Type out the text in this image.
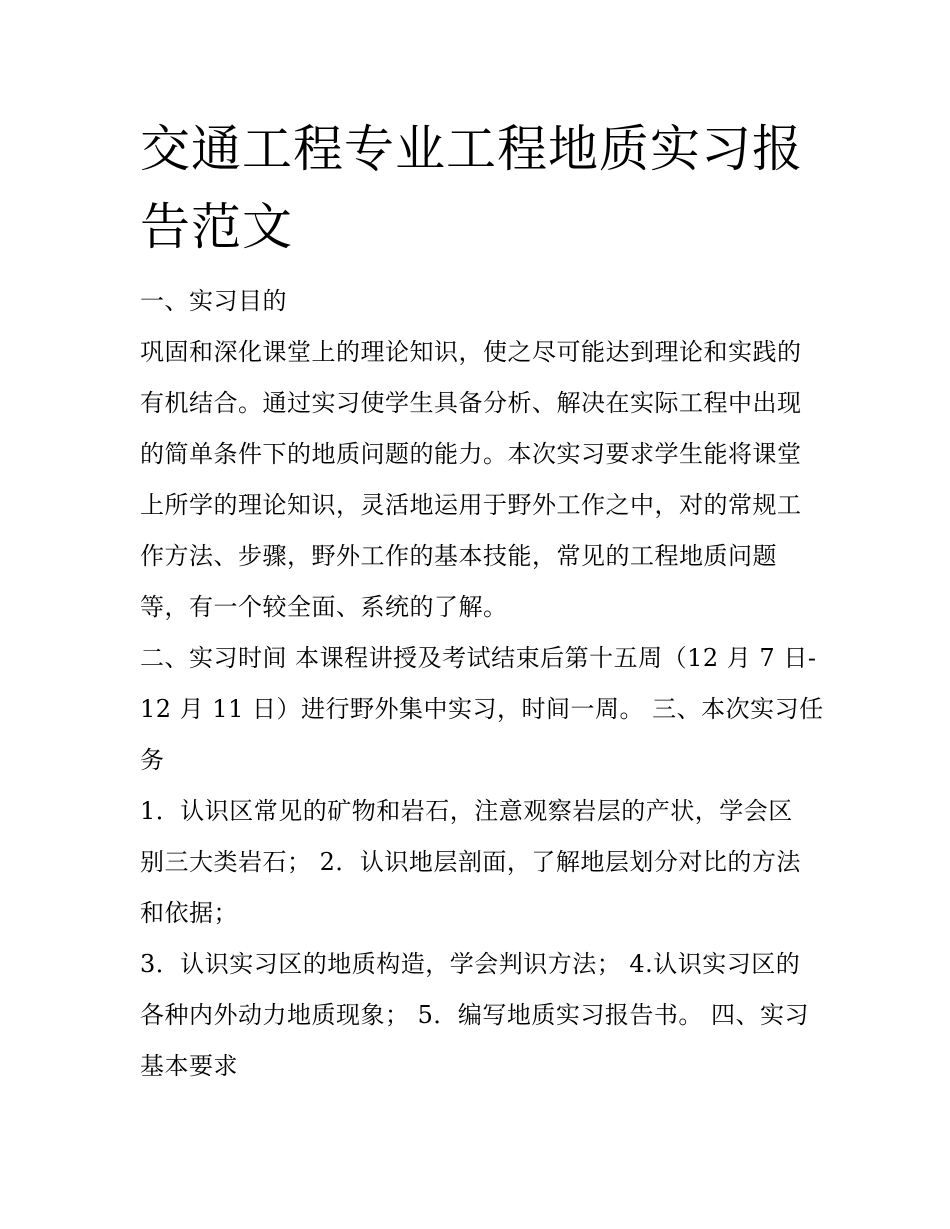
交通工程专业工程地质实习报
告范文
一、实习目的
巩固和深化课堂上的理论知识，使之尽可能达到理论和实践的
有机结合。通过实习使学生具备分析、解决在实际工程中出现
的简单条件下的地质问题的能力。本次实习要求学生能将课堂
上所学的理论知识，灵活地运用于野外工作之中，对的常规工
作方法、步骤，野外工作的基本技能，常见的工程地质问题
等，有一个较全面、系统的了解。
二、实习时间 本课程讲授及考试结束后第十五周（12 月 7 日-
12 月 11 日）进行野外集中实习，时间一周。 三、本次实习任
务
1．认识区常见的矿物和岩石，注意观察岩层的产状，学会区
别三大类岩石； 2．认识地层剖面，了解地层划分对比的方法
和依据；
3．认识实习区的地质构造，学会判识方法； 4.认识实习区的
各种内外动力地质现象； 5．编写地质实习报告书。 四、实习
基本要求
